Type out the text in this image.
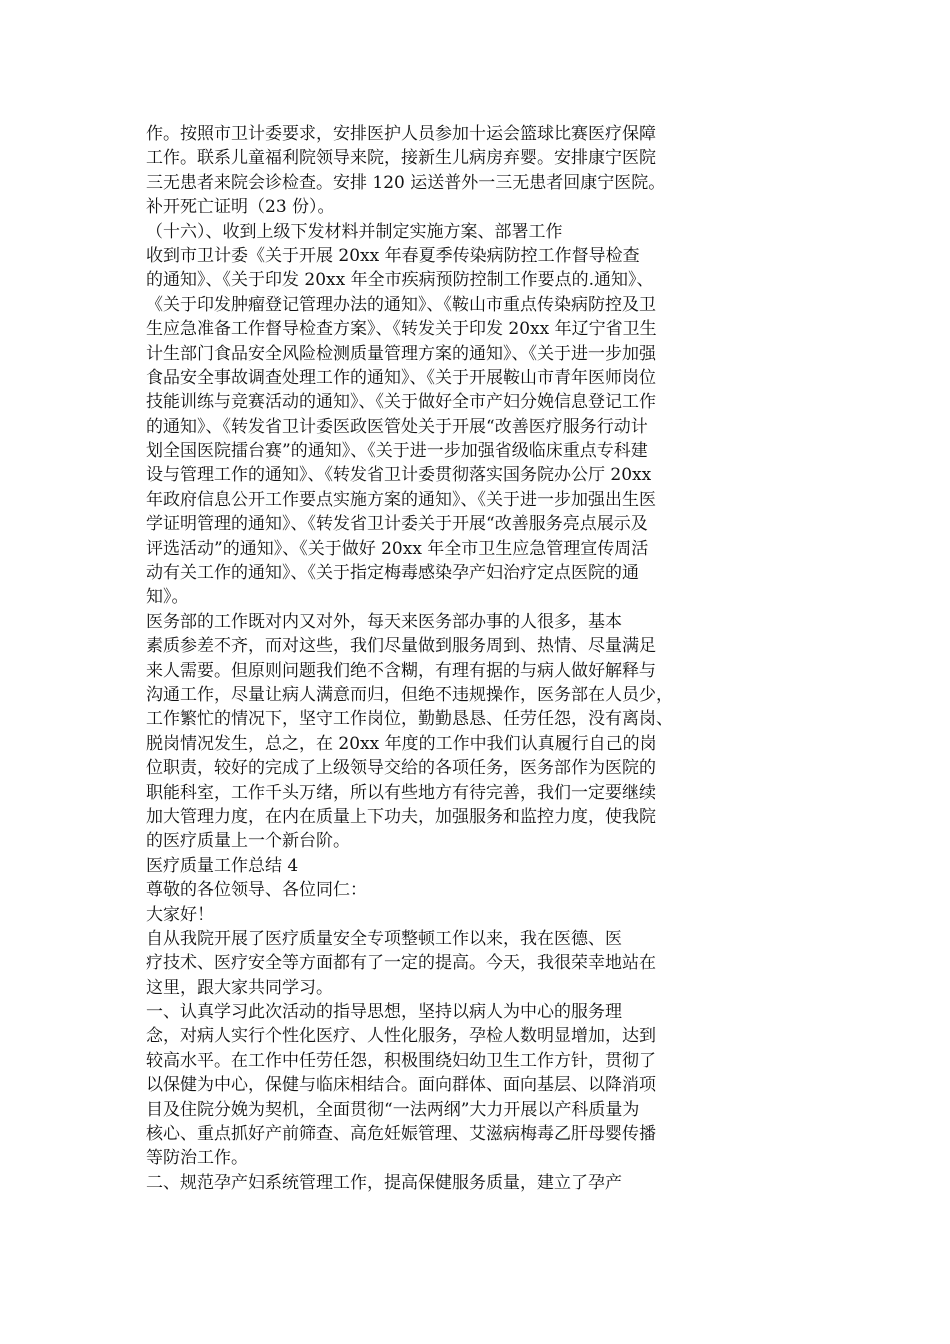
作。按照市卫计委要求，安排医护人员参加十运会篮球比赛医疗保障
工作。联系儿童福利院领导来院，接新生儿病房弃婴。安排康宁医院
三无患者来院会诊检查。安排 120 运送普外一三无患者回康宁医院。
补开死亡证明（23 份）。
（十六）、收到上级下发材料并制定实施方案、部署工作
收到市卫计委《关于开展 20xx 年春夏季传染病防控工作督导检查
的通知》、《关于印发 20xx 年全市疾病预防控制工作要点的.通知》、
《关于印发肿瘤登记管理办法的通知》、《鞍山市重点传染病防控及卫
生应急准备工作督导检查方案》、《转发关于印发 20xx 年辽宁省卫生
计生部门食品安全风险检测质量管理方案的通知》、《关于进一步加强
食品安全事故调查处理工作的通知》、《关于开展鞍山市青年医师岗位
技能训练与竞赛活动的通知》、《关于做好全市产妇分娩信息登记工作
的通知》、《转发省卫计委医政医管处关于开展“改善医疗服务行动计
划全国医院擂台赛”的通知》、《关于进一步加强省级临床重点专科建
设与管理工作的通知》、《转发省卫计委贯彻落实国务院办公厅 20xx
年政府信息公开工作要点实施方案的通知》、《关于进一步加强出生医
学证明管理的通知》、《转发省卫计委关于开展“改善服务亮点展示及
评选活动”的通知》、《关于做好 20xx 年全市卫生应急管理宣传周活
动有关工作的通知》、《关于指定梅毒感染孕产妇治疗定点医院的通
知》。
医务部的工作既对内又对外，每天来医务部办事的人很多，基本
素质参差不齐，而对这些，我们尽量做到服务周到、热情、尽量满足
来人需要。但原则问题我们绝不含糊，有理有据的与病人做好解释与
沟通工作，尽量让病人满意而归，但绝不违规操作，医务部在人员少，
工作繁忙的情况下，坚守工作岗位，勤勤恳恳、任劳任怨，没有离岗、
脱岗情况发生，总之，在 20xx 年度的工作中我们认真履行自己的岗
位职责，较好的完成了上级领导交给的各项任务，医务部作为医院的
职能科室，工作千头万绪，所以有些地方有待完善，我们一定要继续
加大管理力度，在内在质量上下功夫，加强服务和监控力度，使我院
的医疗质量上一个新台阶。
医疗质量工作总结 4
尊敬的各位领导、各位同仁：
大家好！
自从我院开展了医疗质量安全专项整顿工作以来，我在医德、医
疗技术、医疗安全等方面都有了一定的提高。今天，我很荣幸地站在
这里，跟大家共同学习。
一、认真学习此次活动的指导思想，坚持以病人为中心的服务理
念，对病人实行个性化医疗、人性化服务，孕检人数明显增加，达到
较高水平。在工作中任劳任怨，积极围绕妇幼卫生工作方针，贯彻了
以保健为中心，保健与临床相结合。面向群体、面向基层、以降消项
目及住院分娩为契机，全面贯彻“一法两纲”大力开展以产科质量为
核心、重点抓好产前筛查、高危妊娠管理、艾滋病梅毒乙肝母婴传播
等防治工作。
二、规范孕产妇系统管理工作，提高保健服务质量，建立了孕产
